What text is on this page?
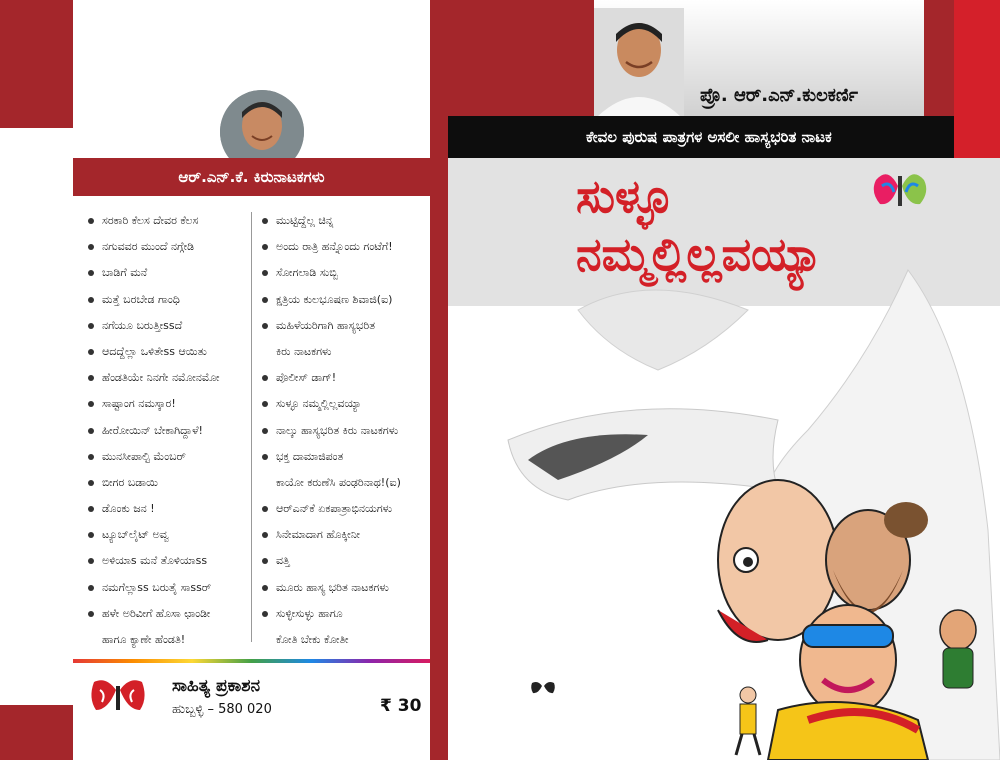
ಆರ್.ಎನ್.ಕೆ. ಕಿರುನಾಟಕಗಳು
ಸರಕಾರಿ ಕೆಲಸ ದೇವರ ಕೆಲಸ
ನಗುವವರ ಮುಂದೆ ನಗ್ಗೇಡಿ
ಬಾಡಿಗೆ ಮನೆ
ಮತ್ತೆ ಬರಬೇಡ ಗಾಂಧಿ
ನಗೆಯೂ ಬರುತ್ತೀssದೆ
ಆದದ್ದೆಲ್ಲಾ ಒಳಿತೇss ಆಯಿತು
ಹೆಂಡತಿಯೇ ನಿನಗೇ ನಮೋನಮೋ
ಸಾಷ್ಟಾಂಗ ನಮಸ್ಕಾರ!
ಹೀರೋಯಿನ್ ಬೇಕಾಗಿದ್ದಾಳೆ!
ಮುನಸೀಪಾಲ್ಟಿ ಮೆಂಬರ್
ಬೀಗರ ಬಡಾಯಿ
ಡೊಂಕು ಜನ !
ಟ್ಯೂಬ್‌ಲೈಟ್ ಅವ್ವ
ಅಳಿಯಾs ಮನೆ ತೊಳಿಯಾss
ನಮಗೆಲ್ಲಾss ಬರುತೈ ಸಾssರ್
ಹಳೇ ಅರಿವೀಗೆ ಹೊಸಾ ಛಾಂಡೀ
ಹಾಗೂ ಕ್ಯಾಣೇ ಹೆಂಡತಿ!
ಮುಟ್ಟಿದ್ದೆಲ್ಲ ಚಿನ್ನ
ಅಂದು ರಾತ್ರಿ ಹನ್ನೊಂದು ಗಂಟೆಗೆ!
ಸೋಗಲಾಡಿ ಸುಬ್ಬಿ
ಕ್ಷತ್ರಿಯ ಕುಲಭೂಷಣ ಶಿವಾಜಿ(ಐ)
ಮಹಿಳೆಯರಿಗಾಗಿ ಹಾಸ್ಯಭರಿತ
ಕಿರು ನಾಟಕಗಳು
ಪೊಲೀಸ್ ಡಾಗ್!
ಸುಳ್ಳೂ ನಮ್ಮಲ್ಲಿಲ್ಲವಯ್ಯಾ
ನಾಲ್ಕು ಹಾಸ್ಯಭರಿತ ಕಿರು ನಾಟಕಗಳು
ಭಕ್ತ ದಾಮಾಜಿಪಂತ
ಕಾಯೋ ಕರುಣೆಸಿ ಪಂಢರಿನಾಥ!(ಐ)
ಆರ್‌ಎನ್‌ಕೆ ಏಕಪಾತ್ರಾಭಿನಯಗಳು
ಸಿನೇಮಾದಾಗ ಹೊಕ್ಕೀನೀ
ವತ್ತಿ
ಮೂರು ಹಾಸ್ಯ ಭರಿತ ನಾಟಕಗಳು
ಸುಳ್ಳೀಸುಳ್ಳು ಹಾಗೂ
ಕೋತಿ ಬೇಕು ಕೋತೀ
ಸಾಹಿತ್ಯ ಪ್ರಕಾಶನ
ಹುಬ್ಬಳ್ಳಿ – 580 020	₹ 30
ಪ್ರೊ. ಆರ್.ಎನ್.ಕುಲಕರ್ಣಿ
ಕೇವಲ ಪುರುಷ ಪಾತ್ರಗಳ ಅಸಲೀ ಹಾಸ್ಯಭರಿತ ನಾಟಕ
ಸುಳ್ಳೂ
ನಮ್ಮಲ್ಲಿಲ್ಲವಯ್ಯಾ
